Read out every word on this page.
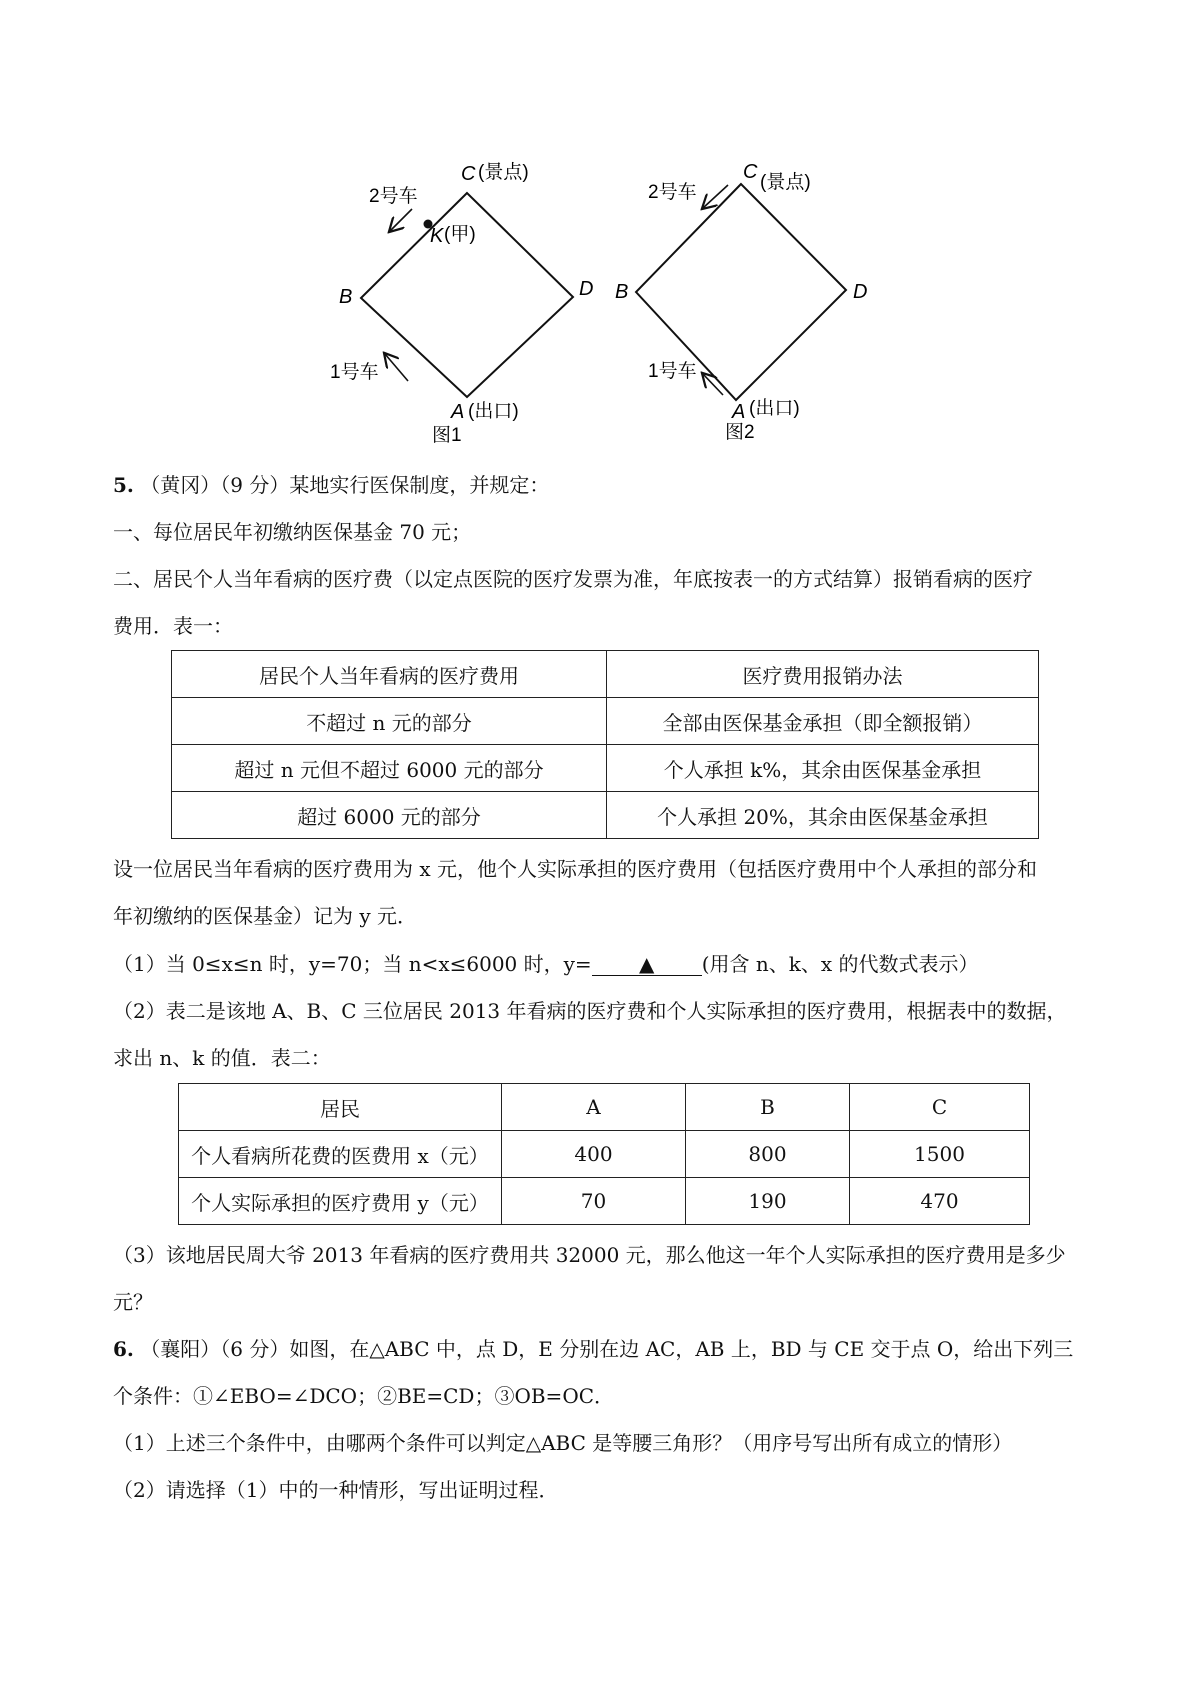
C (景点)
2号车
K (甲)
B	D
1号车
A (出口)
图1
C (景点)
2号车
B	D
1号车
A (出口)
图2
5. （黄冈）（9 分）某地实行医保制度，并规定：
一、每位居民年初缴纳医保基金 70 元；
二、居民个人当年看病的医疗费（以定点医院的医疗发票为准，年底按表一的方式结算）报销看病的医疗
费用．表一：
居民个人当年看病的医疗费用	医疗费用报销办法
不超过 n 元的部分	全部由医保基金承担（即全额报销）
超过 n 元但不超过 6000 元的部分	个人承担 k%，其余由医保基金承担
超过 6000 元的部分	个人承担 20%，其余由医保基金承担
设一位居民当年看病的医疗费用为 x 元，他个人实际承担的医疗费用（包括医疗费用中个人承担的部分和
年初缴纳的医保基金）记为 y 元．
（1）当 0≤x≤n 时，y=70；当 n<x≤6000 时，y= ▲ (用含 n、k、x 的代数式表示）
（2）表二是该地 A、B、C 三位居民 2013 年看病的医疗费和个人实际承担的医疗费用，根据表中的数据，
求出 n、k 的值．表二：
居民	A	B	C
个人看病所花费的医费用 x（元）	400	800	1500
个人实际承担的医疗费用 y（元）	70	190	470
（3）该地居民周大爷 2013 年看病的医疗费用共 32000 元，那么他这一年个人实际承担的医疗费用是多少
元？
6. （襄阳）（6 分）如图，在△ABC 中，点 D，E 分别在边 AC，AB 上，BD 与 CE 交于点 O，给出下列三
个条件：①∠EBO=∠DCO；②BE=CD；③OB=OC．
（1）上述三个条件中，由哪两个条件可以判定△ABC 是等腰三角形？（用序号写出所有成立的情形）
（2）请选择（1）中的一种情形，写出证明过程．
